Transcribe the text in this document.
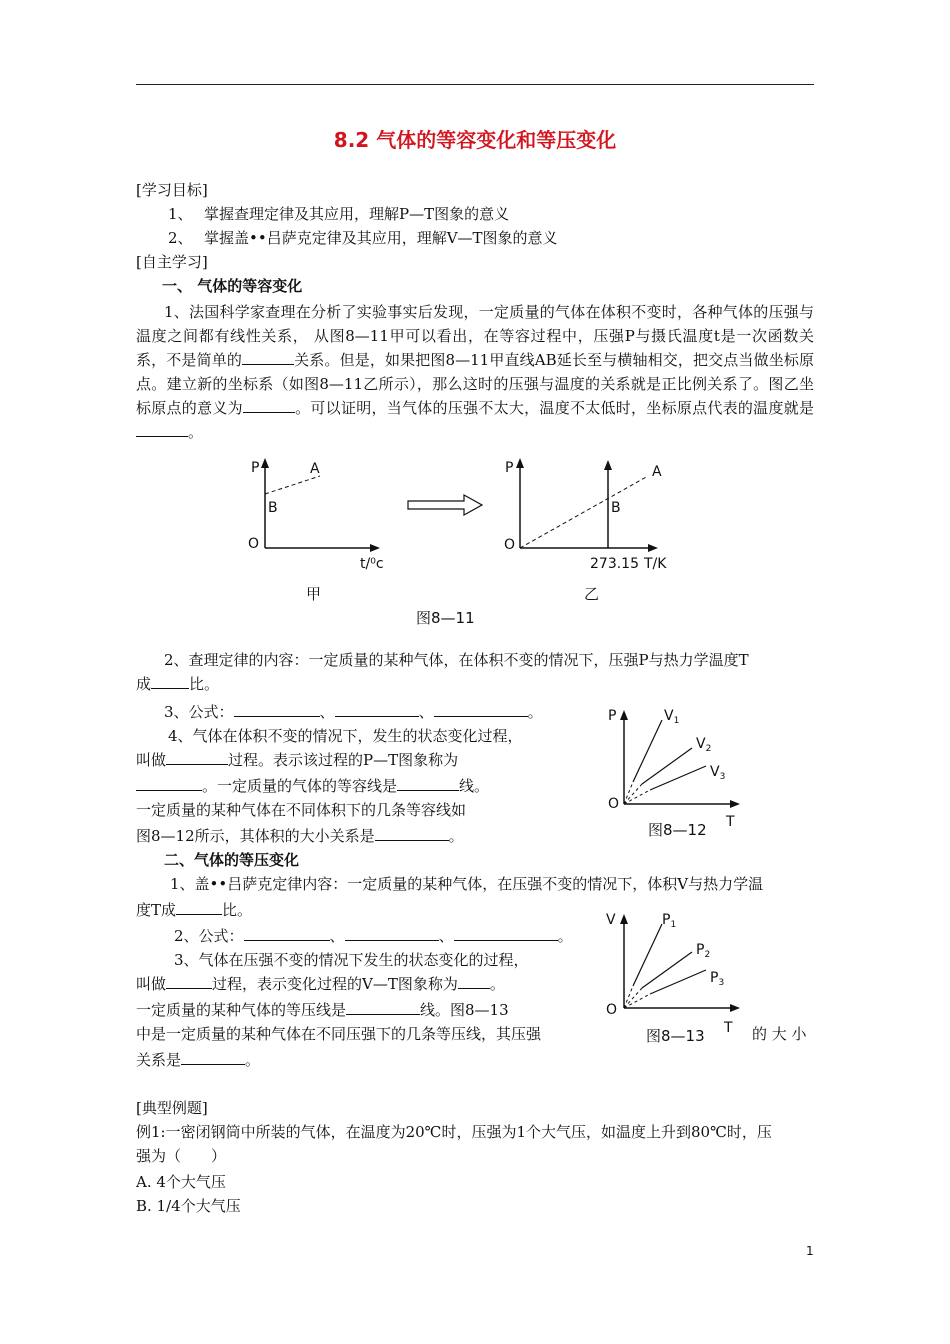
8.2 气体的等容变化和等压变化
[学习目标]
1、 掌握查理定律及其应用，理解P—T图象的意义
2、 掌握盖••吕萨克定律及其应用，理解V—T图象的意义
[自主学习]
一、 气体的等容变化
1、法国科学家查理在分析了实验事实后发现，一定质量的气体在体积不变时，各种气体的压强与温度之间都有线性关系， 从图8—11甲可以看出，在等容过程中，压强P与摄氏温度t是一次函数关系，不是简单的	关系。但是，如果把图8—11甲直线AB延长至与横轴相交，把交点当做坐标原点。建立新的坐标系（如图8—11乙所示），那么这时的压强与温度的关系就是正比例关系了。图乙坐标原点的意义为	。可以证明，当气体的压强不太大，温度不太低时，坐标原点代表的温度就是。
P	A
B
O
t/⁰c
甲
P	A
B
O
273.15 T/K
乙
图8—11
2、查理定律的内容：一定质量的某种气体，在体积不变的情况下，压强P与热力学温度T
成	比。
3、公式：	、	、	。
4、气体在体积不变的情况下，发生的状态变化过程，
叫做	过程。表示该过程的P—T图象称为
。一定质量的气体的等容线是	线。
一定质量的某种气体在不同体积下的几条等容线如
图8—12所示，其体积的大小关系是	。
P
O
T
$V_1$
$V_2$
$V_3$
图8—12
二、气体的等压变化
1、盖••吕萨克定律内容：一定质量的某种气体，在压强不变的情况下，体积V与热力学温
度T成	比。
2、公式：	、	、	。
3、气体在压强不变的情况下发生的状态变化的过程，
叫做	过程，表示变化过程的V—T图象称为 。
一定质量的某种气体的等压线是	线。图8—13
中是一定质量的某种气体在不同压强下的几条等压线，其压强	的 大 小
关系是	。
V
O
T
$P_1$
$P_2$
$P_3$
图8—13
[典型例题]
例1:一密闭钢筒中所装的气体，在温度为20℃时，压强为1个大气压，如温度上升到80℃时，压
强为（　　）
A. 4个大气压
B. 1/4个大气压
1
